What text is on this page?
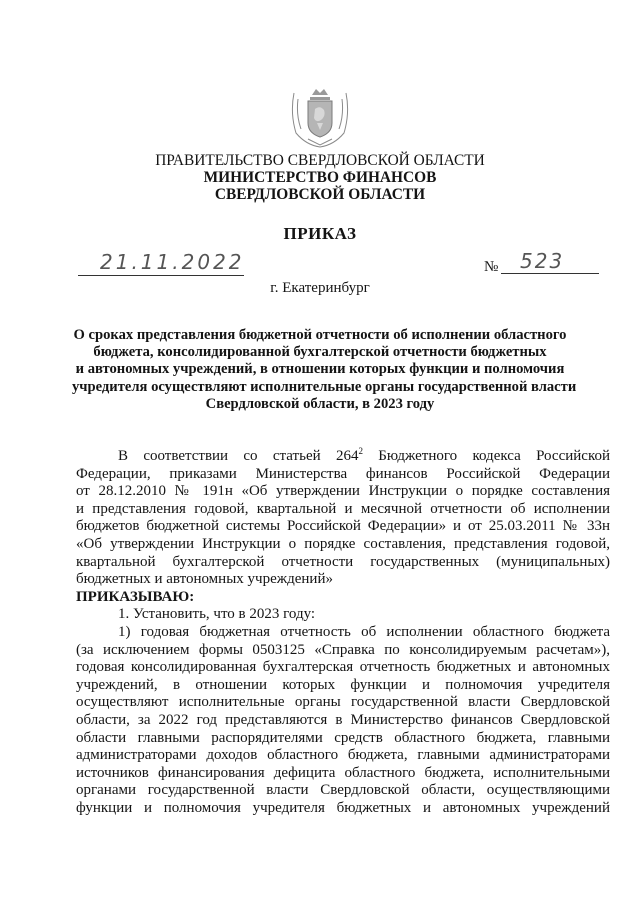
ПРАВИТЕЛЬСТВО СВЕРДЛОВСКОЙ ОБЛАСТИ
МИНИСТЕРСТВО ФИНАНСОВ
СВЕРДЛОВСКОЙ ОБЛАСТИ
ПРИКАЗ
21.11.2022	№ 523
г. Екатеринбург
О сроках представления бюджетной отчетности об исполнении областного
бюджета, консолидированной бухгалтерской отчетности бюджетных
и автономных учреждений, в отношении которых функции и полномочия
учредителя осуществляют исполнительные органы государственной власти
Свердловской области, в 2023 году
В соответствии со статьей $264^2$ Бюджетного кодекса Российской
Федерации, приказами Министерства финансов Российской Федерации
от 28.12.2010 № 191н «Об утверждении Инструкции о порядке составления
и представления годовой, квартальной и месячной отчетности об исполнении
бюджетов бюджетной системы Российской Федерации» и от 25.03.2011 № 33н
«Об утверждении Инструкции о порядке составления, представления годовой,
квартальной бухгалтерской отчетности государственных (муниципальных)
бюджетных и автономных учреждений»
ПРИКАЗЫВАЮ:
1. Установить, что в 2023 году:
1) годовая бюджетная отчетность об исполнении областного бюджета
(за исключением формы 0503125 «Справка по консолидируемым расчетам»),
годовая консолидированная бухгалтерская отчетность бюджетных и автономных
учреждений, в отношении которых функции и полномочия учредителя
осуществляют исполнительные органы государственной власти Свердловской
области, за 2022 год представляются в Министерство финансов Свердловской
области главными распорядителями средств областного бюджета, главными
администраторами доходов областного бюджета, главными администраторами
источников финансирования дефицита областного бюджета, исполнительными
органами государственной власти Свердловской области, осуществляющими
функции и полномочия учредителя бюджетных и автономных учреждений
